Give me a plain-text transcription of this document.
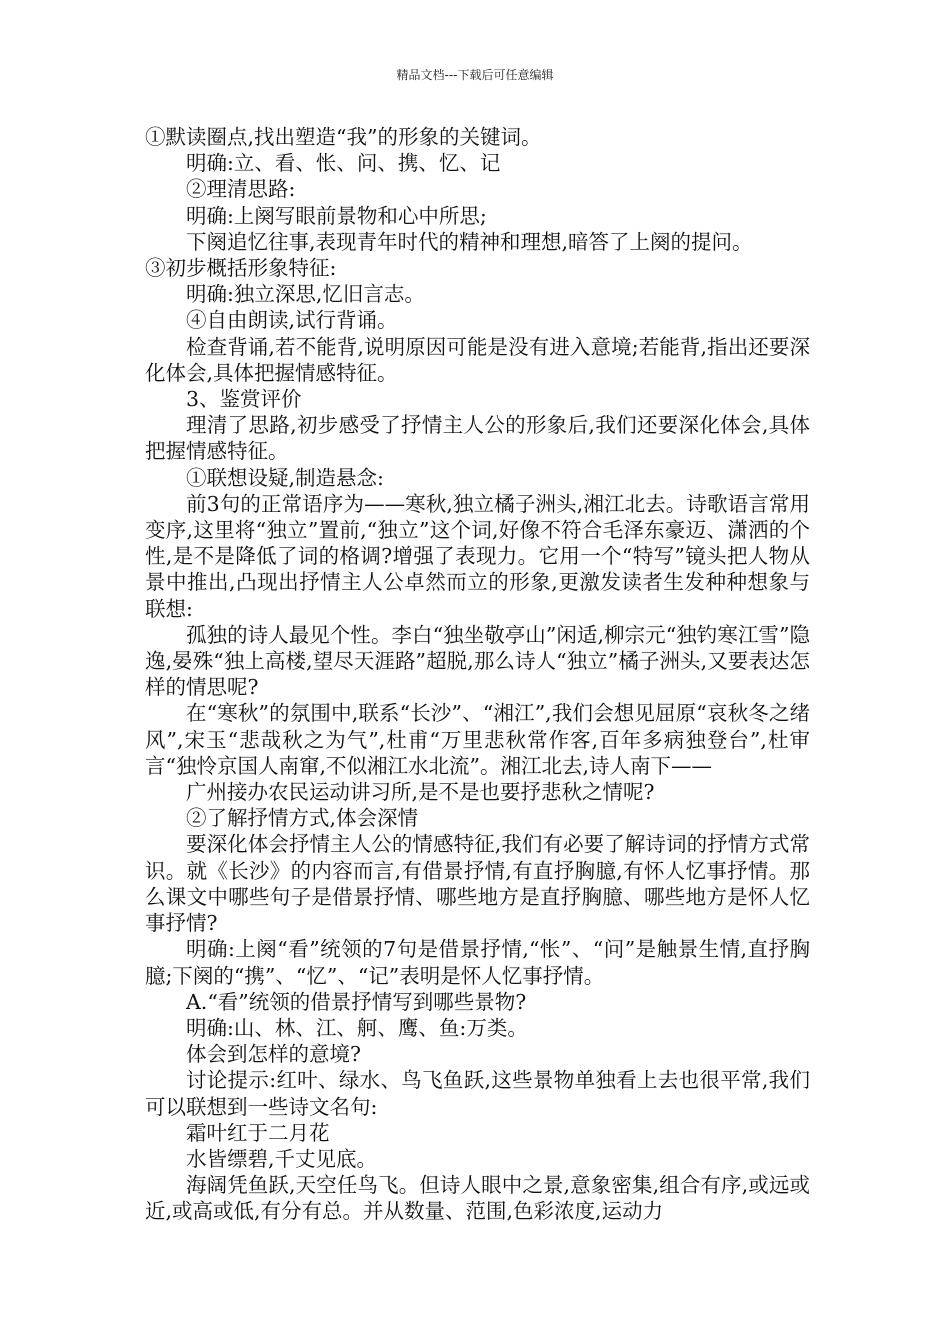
精品文档---下载后可任意编辑

①默读圈点,找出塑造“我”的形象的关键词。

明确:立、看、怅、问、携、忆、记

②理清思路:

明确:上阕写眼前景物和心中所思;

下阕追忆往事,表现青年时代的精神和理想,暗答了上阕的提问。

③初步概括形象特征:

明确:独立深思,忆旧言志。

④自由朗读,试行背诵。

检查背诵,若不能背,说明原因可能是没有进入意境;若能背,指出还要深化体会,具体把握情感特征。

3、鉴赏评价

理清了思路,初步感受了抒情主人公的形象后,我们还要深化体会,具体把握情感特征。

①联想设疑,制造悬念:

前3句的正常语序为——寒秋,独立橘子洲头,湘江北去。诗歌语言常用变序,这里将“独立”置前,“独立”这个词,好像不符合毛泽东豪迈、潇洒的个性,是不是降低了词的格调?增强了表现力。它用一个“特写”镜头把人物从景中推出,凸现出抒情主人公卓然而立的形象,更激发读者生发种种想象与联想:

孤独的诗人最见个性。李白“独坐敬亭山”闲适,柳宗元“独钓寒江雪”隐逸,晏殊“独上高楼,望尽天涯路”超脱,那么诗人“独立”橘子洲头,又要表达怎样的情思呢?

在“寒秋”的氛围中,联系“长沙”、“湘江”,我们会想见屈原“哀秋冬之绪风”,宋玉“悲哉秋之为气”,杜甫“万里悲秋常作客,百年多病独登台”,杜审言“独怜京国人南窜,不似湘江水北流”。湘江北去,诗人南下——

广州接办农民运动讲习所,是不是也要抒悲秋之情呢?

②了解抒情方式,体会深情

要深化体会抒情主人公的情感特征,我们有必要了解诗词的抒情方式常识。就《长沙》的内容而言,有借景抒情,有直抒胸臆,有怀人忆事抒情。那么课文中哪些句子是借景抒情、哪些地方是直抒胸臆、哪些地方是怀人忆事抒情?

明确:上阕“看”统领的7句是借景抒情,“怅”、“问”是触景生情,直抒胸臆;下阕的“携”、“忆”、“记”表明是怀人忆事抒情。

A.“看”统领的借景抒情写到哪些景物?

明确:山、林、江、舸、鹰、鱼:万类。

体会到怎样的意境?

讨论提示:红叶、绿水、鸟飞鱼跃,这些景物单独看上去也很平常,我们可以联想到一些诗文名句:

霜叶红于二月花

水皆缥碧,千丈见底。

海阔凭鱼跃,天空任鸟飞。但诗人眼中之景,意象密集,组合有序,或远或近,或高或低,有分有总。并从数量、范围,色彩浓度,运动力
